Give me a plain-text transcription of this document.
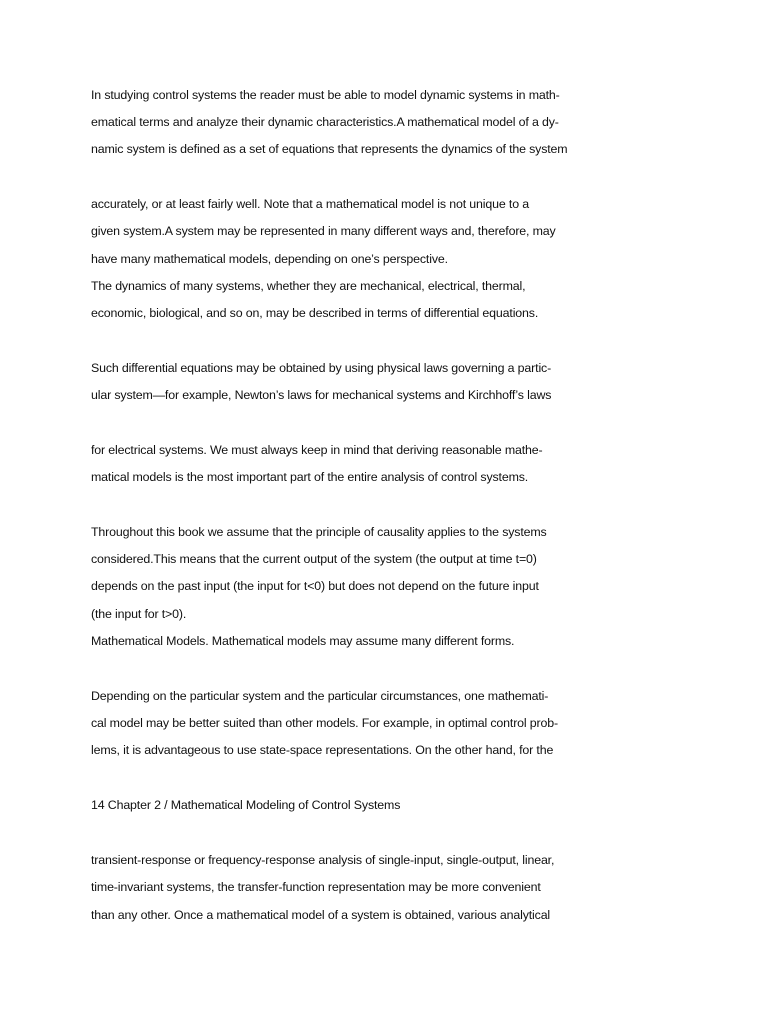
In studying control systems the reader must be able to model dynamic systems in math-

ematical terms and analyze their dynamic characteristics.A mathematical model of a dy-

namic system is defined as a set of equations that represents the dynamics of the system

accurately, or at least fairly well. Note that a mathematical model is not unique to a

given system.A system may be represented in many different ways and, therefore, may

have many mathematical models, depending on one’s perspective.

The dynamics of many systems, whether they are mechanical, electrical, thermal,

economic, biological, and so on, may be described in terms of differential equations.

Such differential equations may be obtained by using physical laws governing a partic-

ular system—for example, Newton’s laws for mechanical systems and Kirchhoff’s laws

for electrical systems. We must always keep in mind that deriving reasonable mathe-

matical models is the most important part of the entire analysis of control systems.

Throughout this book we assume that the principle of causality applies to the systems

considered.This means that the current output of the system (the output at time t=0)

depends on the past input (the input for t<0) but does not depend on the future input

(the input for t>0).

Mathematical Models. Mathematical models may assume many different forms.

Depending on the particular system and the particular circumstances, one mathemati-

cal model may be better suited than other models. For example, in optimal control prob-

lems, it is advantageous to use state-space representations. On the other hand, for the

14 Chapter 2 / Mathematical Modeling of Control Systems

transient-response or frequency-response analysis of single-input, single-output, linear,

time-invariant systems, the transfer-function representation may be more convenient

than any other. Once a mathematical model of a system is obtained, various analytical
